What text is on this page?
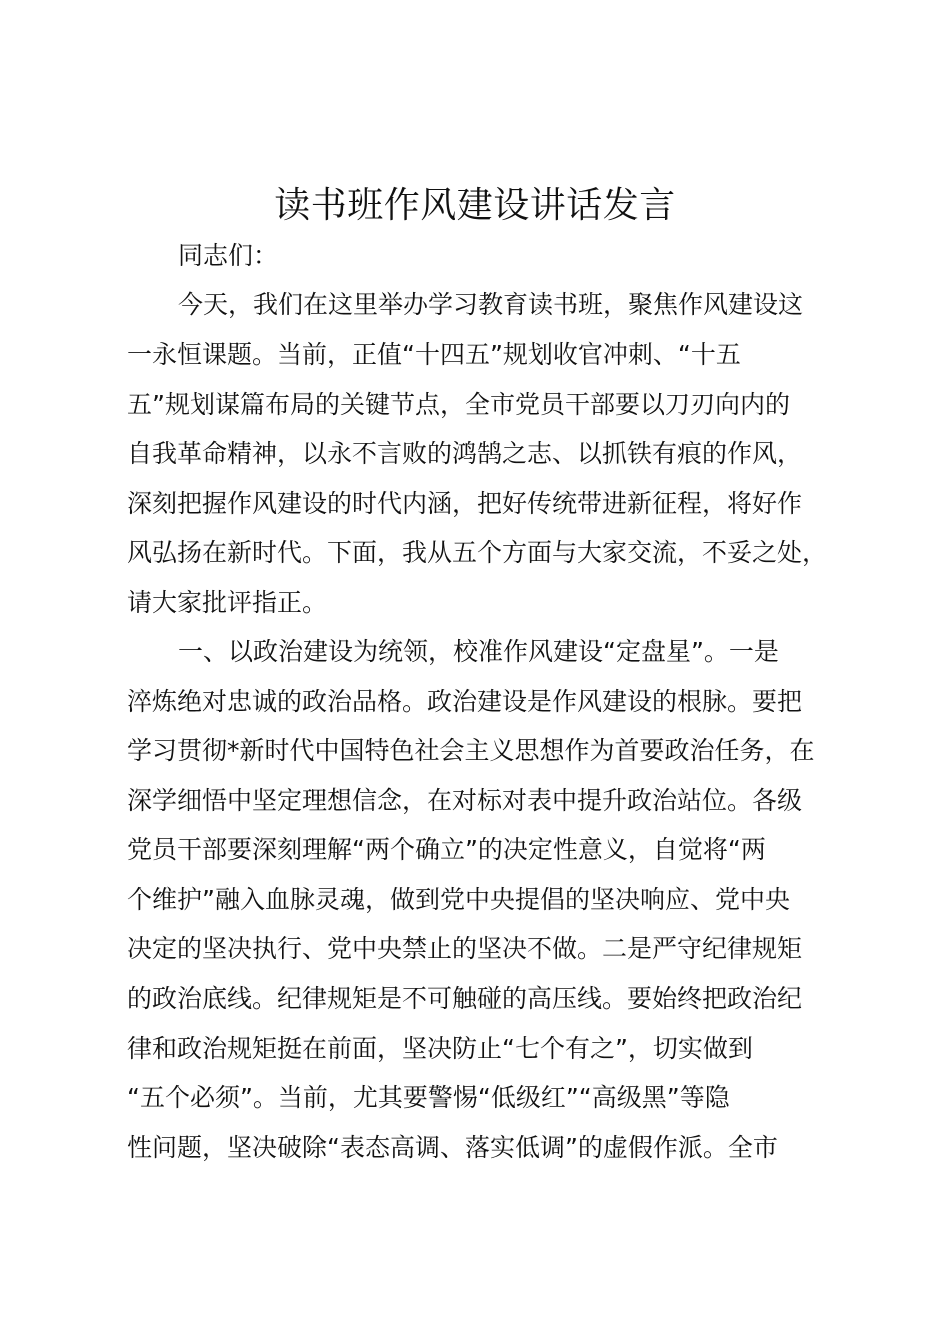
读书班作风建设讲话发言
同志们：
今天，我们在这里举办学习教育读书班，聚焦作风建设这
一永恒课题。当前，正值“十四五”规划收官冲刺、“十五
五”规划谋篇布局的关键节点，全市党员干部要以刀刃向内的
自我革命精神，以永不言败的鸿鹄之志、以抓铁有痕的作风，
深刻把握作风建设的时代内涵，把好传统带进新征程，将好作
风弘扬在新时代。下面，我从五个方面与大家交流，不妥之处，
请大家批评指正。
一、以政治建设为统领，校准作风建设“定盘星”。一是
淬炼绝对忠诚的政治品格。政治建设是作风建设的根脉。要把
学习贯彻*新时代中国特色社会主义思想作为首要政治任务，在
深学细悟中坚定理想信念，在对标对表中提升政治站位。各级
党员干部要深刻理解“两个确立”的决定性意义，自觉将“两
个维护”融入血脉灵魂，做到党中央提倡的坚决响应、党中央
决定的坚决执行、党中央禁止的坚决不做。二是严守纪律规矩
的政治底线。纪律规矩是不可触碰的高压线。要始终把政治纪
律和政治规矩挺在前面，坚决防止“七个有之”，切实做到
“五个必须”。当前，尤其要警惕“低级红”“高级黑”等隐
性问题，坚决破除“表态高调、落实低调”的虚假作派。全市
